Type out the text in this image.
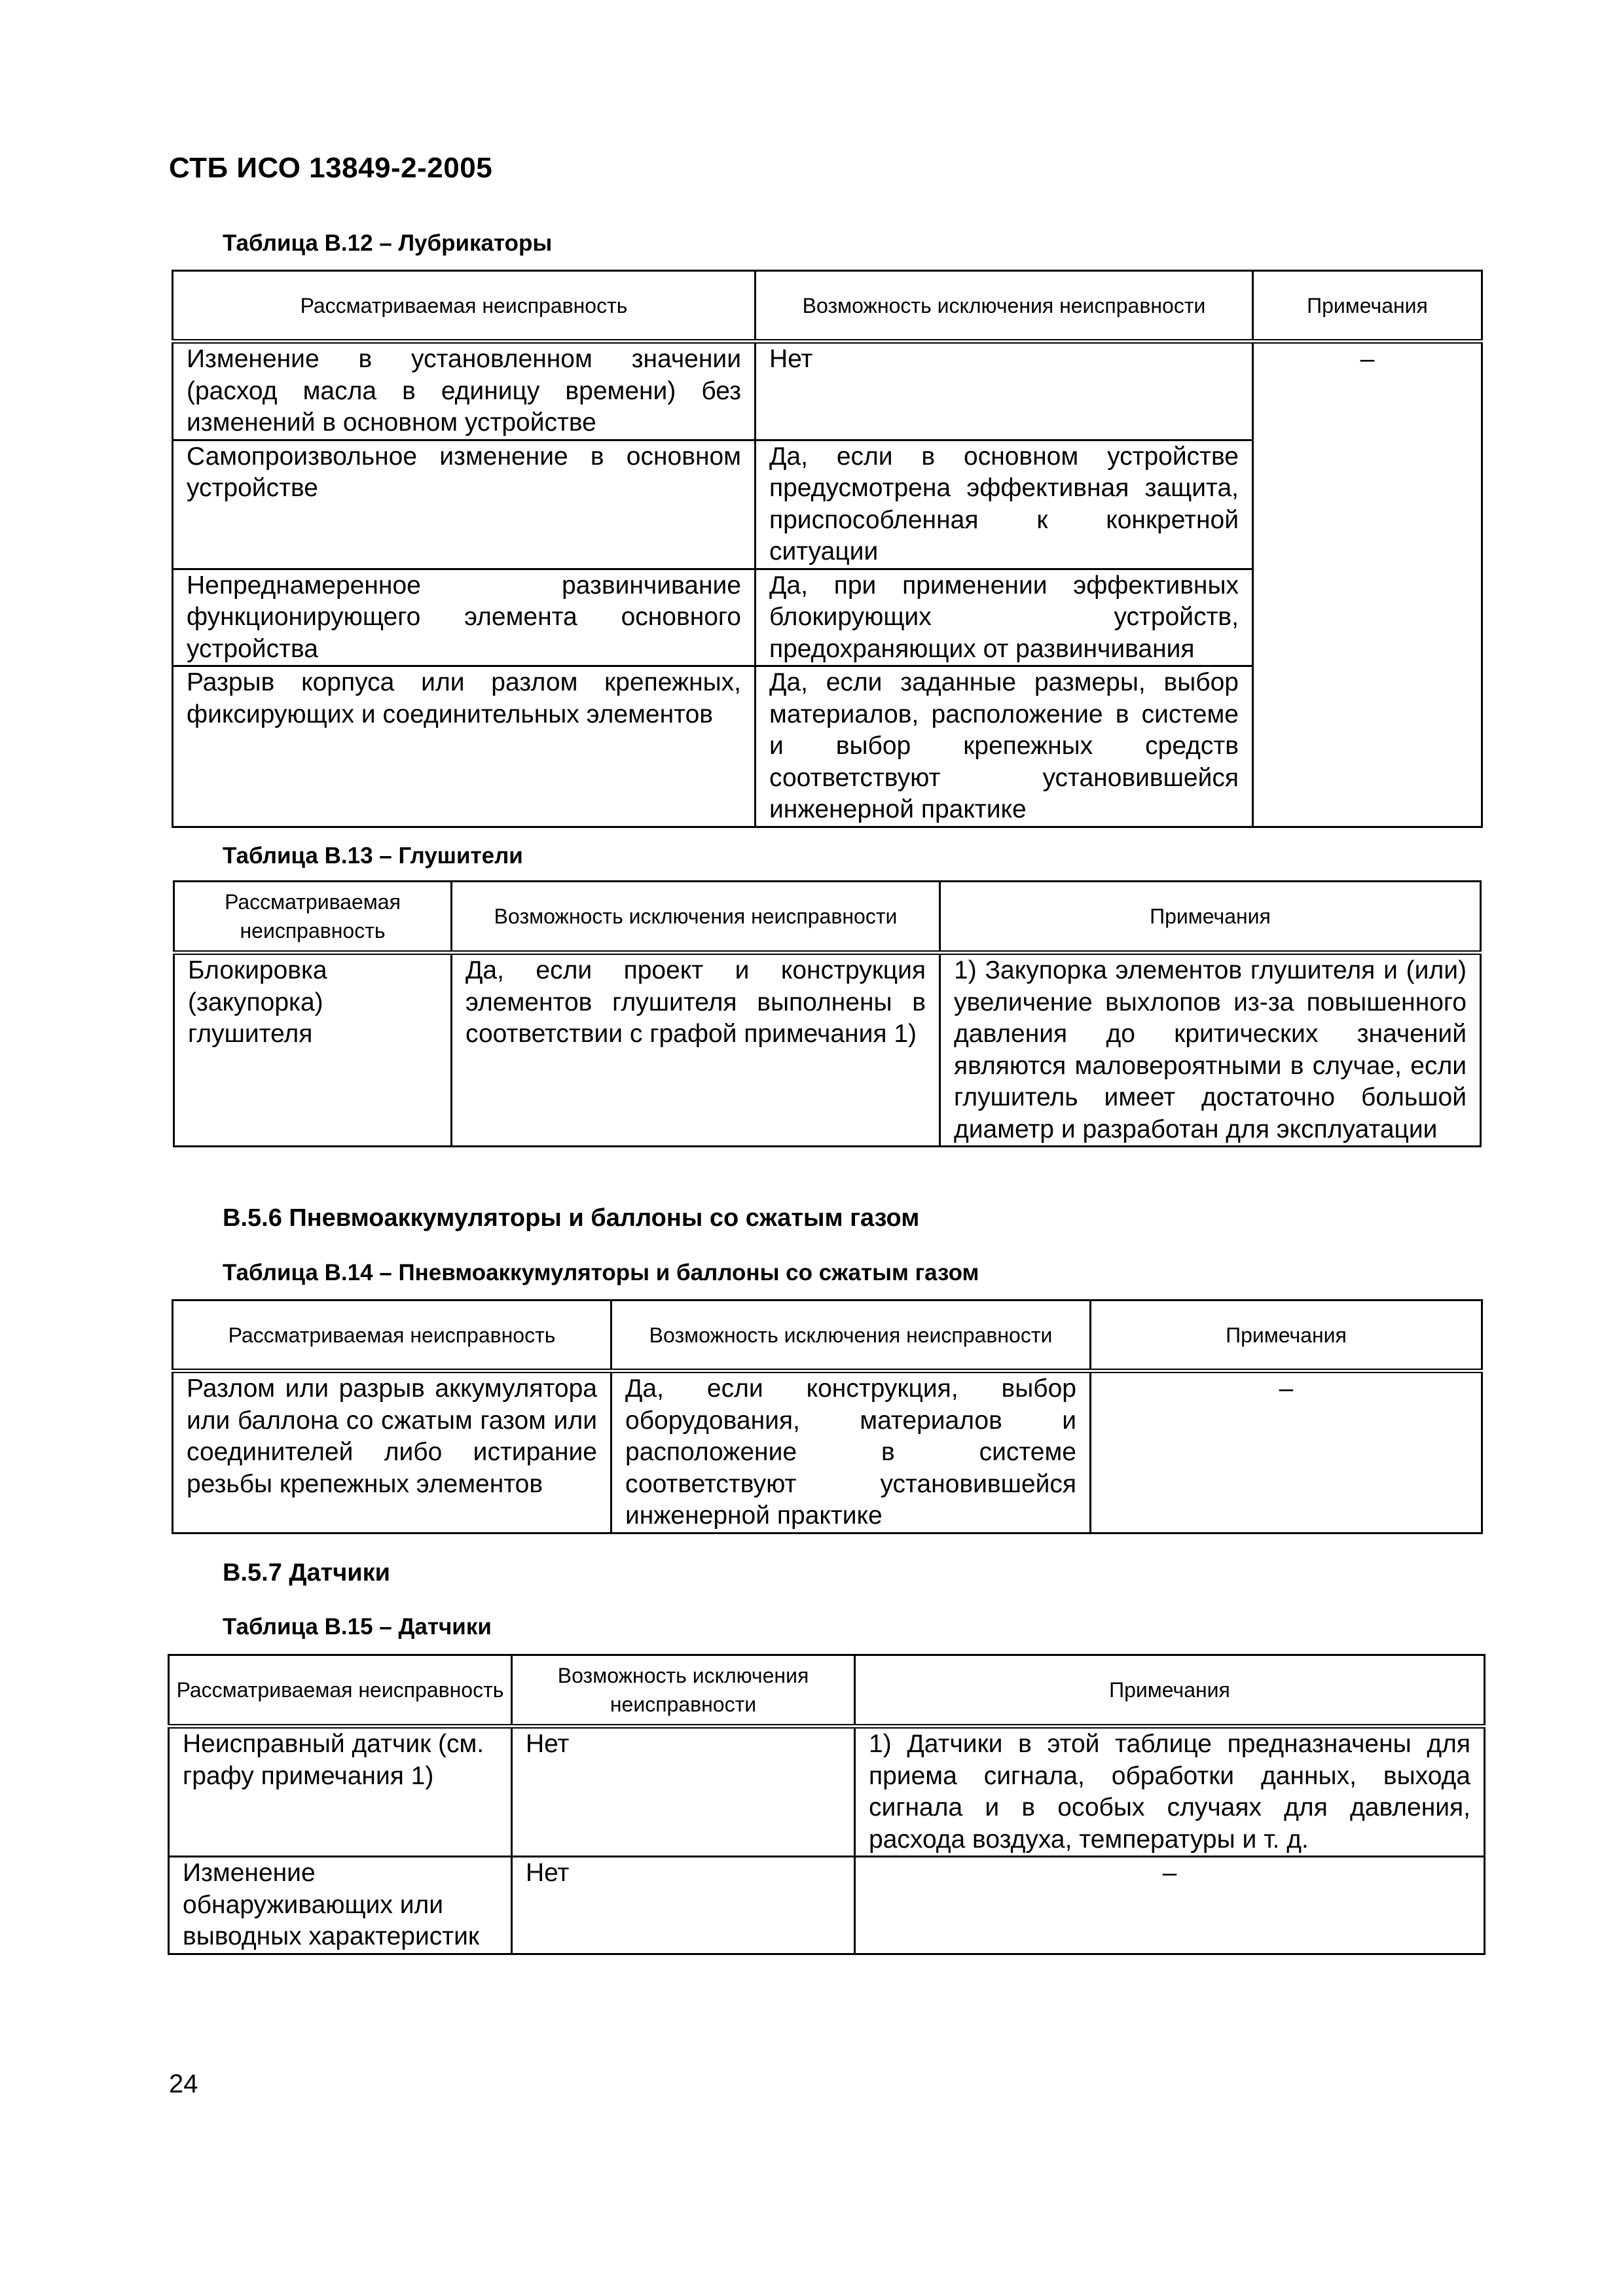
СТБ ИСО 13849-2-2005
Таблица В.12 – Лубрикаторы
Рассматриваемая неисправность	Возможность исключения неисправности	Примечания
Изменение в установленном значении (расход масла в единицу времени) без изменений в основном устройстве	Нет	–
Самопроизвольное изменение в основном устройстве	Да, если в основном устройстве предусмотрена эффективная защита, приспособленная к конкретной ситуации	
Непреднамеренное развинчивание функционирующего элемента основного устройства	Да, при применении эффективных блокирующих устройств, предохраняющих от развинчивания	
Разрыв корпуса или разлом крепежных, фиксирующих и соединительных элементов	Да, если заданные размеры, выбор материалов, расположение в системе и выбор крепежных средств соответствуют установившейся инженерной практике	
Таблица В.13 – Глушители
Рассматриваемая неисправность	Возможность исключения неисправности	Примечания
Блокировка (закупорка) глушителя	Да, если проект и конструкция элементов глушителя выполнены в соответствии с графой примечания 1)	1) Закупорка элементов глушителя и (или) увеличение выхлопов из-за повышенного давления до критических значений являются маловероятными в случае, если глушитель имеет достаточно большой диаметр и разработан для эксплуатации
В.5.6 Пневмоаккумуляторы и баллоны со сжатым газом
Таблица В.14 – Пневмоаккумуляторы и баллоны со сжатым газом
Рассматриваемая неисправность	Возможность исключения неисправности	Примечания
Разлом или разрыв аккумулятора или баллона со сжатым газом или соединителей либо истирание резьбы крепежных элементов	Да, если конструкция, выбор оборудования, материалов и расположение в системе соответствуют установившейся инженерной практике	–
В.5.7 Датчики
Таблица В.15 – Датчики
Рассматриваемая неисправность	Возможность исключения неисправности	Примечания
Неисправный датчик (см. графу примечания 1)	Нет	1) Датчики в этой таблице предназначены для приема сигнала, обработки данных, выхода сигнала и в особых случаях для давления, расхода воздуха, температуры и т. д.
Изменение обнаруживающих или выводных характеристик	Нет	–
24
